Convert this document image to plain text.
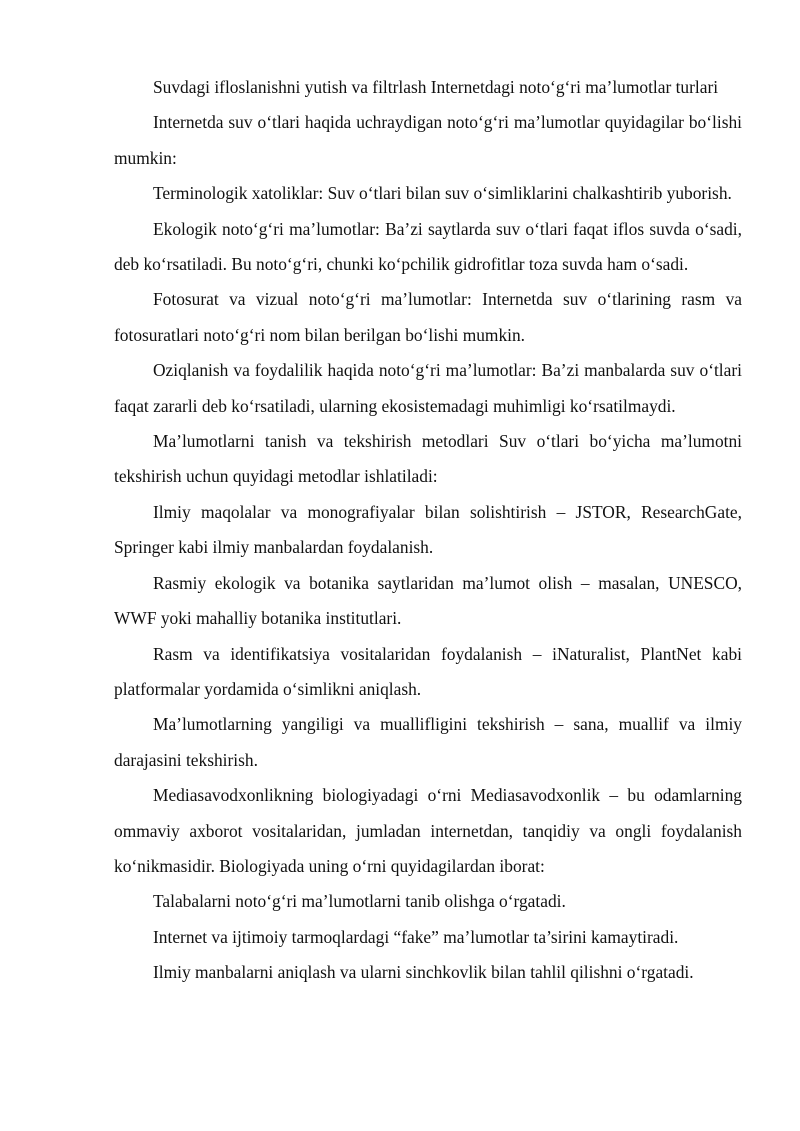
Suvdagi ifloslanishni yutish va filtrlash Internetdagi noto‘g‘ri ma’lumotlar turlari

Internetda suv o‘tlari haqida uchraydigan noto‘g‘ri ma’lumotlar quyidagilar bo‘lishi mumkin:

Terminologik xatoliklar: Suv o‘tlari bilan suv o‘simliklarini chalkashtirib yuborish.

Ekologik noto‘g‘ri ma’lumotlar: Ba’zi saytlarda suv o‘tlari faqat iflos suvda o‘sadi, deb ko‘rsatiladi. Bu noto‘g‘ri, chunki ko‘pchilik gidrofitlar toza suvda ham o‘sadi.

Fotosurat va vizual noto‘g‘ri ma’lumotlar: Internetda suv o‘tlarining rasm va fotosuratlari noto‘g‘ri nom bilan berilgan bo‘lishi mumkin.

Oziqlanish va foydalilik haqida noto‘g‘ri ma’lumotlar: Ba’zi manbalarda suv o‘tlari faqat zararli deb ko‘rsatiladi, ularning ekosistemadagi muhimligi ko‘rsatilmaydi.

Ma’lumotlarni tanish va tekshirish metodlari Suv o‘tlari bo‘yicha ma’lumotni tekshirish uchun quyidagi metodlar ishlatiladi:

Ilmiy maqolalar va monografiyalar bilan solishtirish – JSTOR, ResearchGate, Springer kabi ilmiy manbalardan foydalanish.

Rasmiy ekologik va botanika saytlaridan ma’lumot olish – masalan, UNESCO, WWF yoki mahalliy botanika institutlari.

Rasm va identifikatsiya vositalaridan foydalanish – iNaturalist, PlantNet kabi platformalar yordamida o‘simlikni aniqlash.

Ma’lumotlarning yangiligi va muallifligini tekshirish – sana, muallif va ilmiy darajasini tekshirish.

Mediasavodxonlikning biologiyadagi o‘rni Mediasavodxonlik – bu odamlarning ommaviy axborot vositalaridan, jumladan internetdan, tanqidiy va ongli foydalanish ko‘nikmasidir. Biologiyada uning o‘rni quyidagilardan iborat:

Talabalarni noto‘g‘ri ma’lumotlarni tanib olishga o‘rgatadi.

Internet va ijtimoiy tarmoqlardagi “fake” ma’lumotlar ta’sirini kamaytiradi.

Ilmiy manbalarni aniqlash va ularni sinchkovlik bilan tahlil qilishni o‘rgatadi.
